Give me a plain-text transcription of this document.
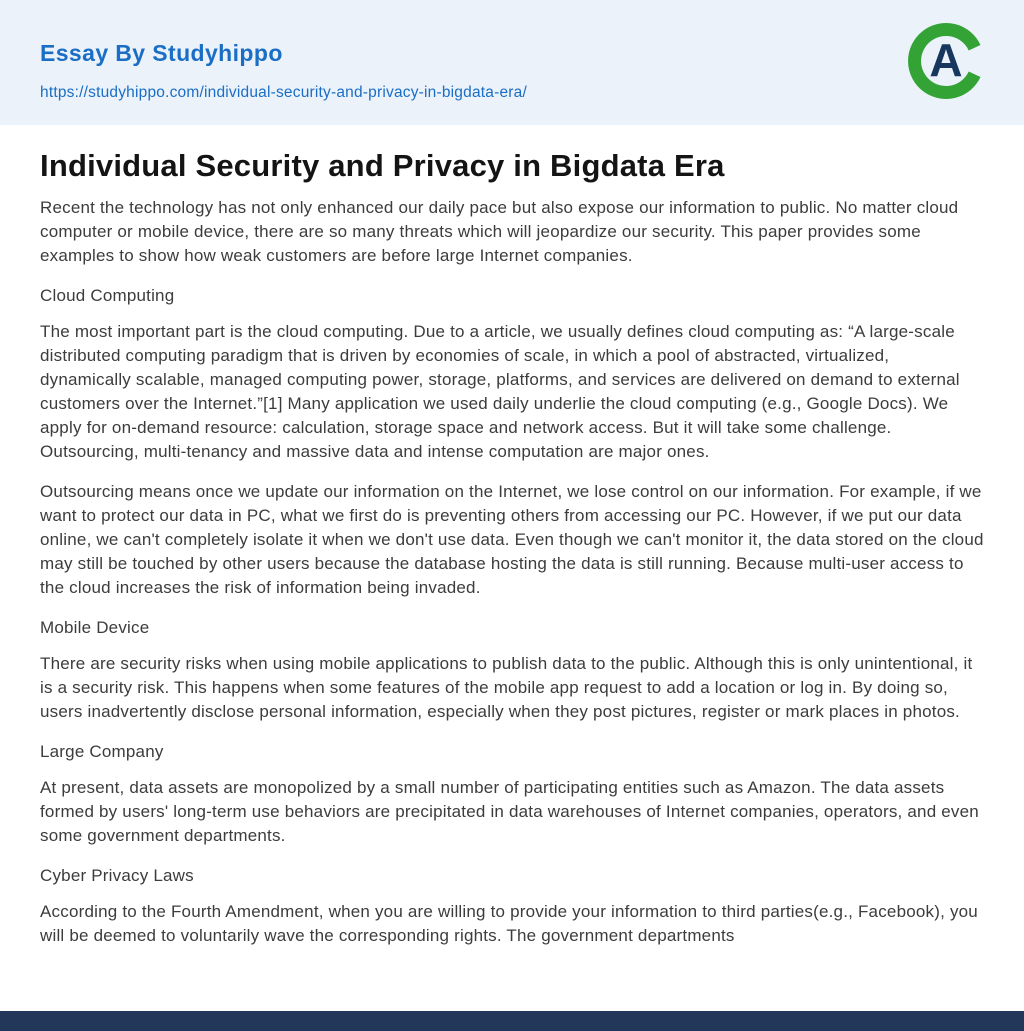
Essay By Studyhippo
https://studyhippo.com/individual-security-and-privacy-in-bigdata-era/
A
Individual Security and Privacy in Bigdata Era

Recent the technology has not only enhanced our daily pace but also expose our information to public. No matter cloud computer or mobile device, there are so many threats which will jeopardize our security. This paper provides some examples to show how weak customers are before large Internet companies.

Cloud Computing

The most important part is the cloud computing. Due to a article, we usually defines cloud computing as: “A large-scale distributed computing paradigm that is driven by economies of scale, in which a pool of abstracted, virtualized, dynamically scalable, managed computing power, storage, platforms, and services are delivered on demand to external customers over the Internet.”[1] Many application we used daily underlie the cloud computing (e.g., Google Docs). We apply for on-demand resource: calculation, storage space and network access. But it will take some challenge. Outsourcing, multi-tenancy and massive data and intense computation are major ones.

Outsourcing means once we update our information on the Internet, we lose control on our information. For example, if we want to protect our data in PC, what we first do is preventing others from accessing our PC. However, if we put our data online, we can't completely isolate it when we don't use data. Even though we can't monitor it, the data stored on the cloud may still be touched by other users because the database hosting the data is still running. Because multi-user access to the cloud increases the risk of information being invaded.

Mobile Device

There are security risks when using mobile applications to publish data to the public. Although this is only unintentional, it is a security risk. This happens when some features of the mobile app request to add a location or log in. By doing so, users inadvertently disclose personal information, especially when they post pictures, register or mark places in photos.

Large Company

At present, data assets are monopolized by a small number of participating entities such as Amazon. The data assets formed by users' long-term use behaviors are precipitated in data warehouses of Internet companies, operators, and even some government departments.

Cyber Privacy Laws

According to the Fourth Amendment, when you are willing to provide your information to third parties(e.g., Facebook), you will be deemed to voluntarily wave the corresponding rights. The government departments
